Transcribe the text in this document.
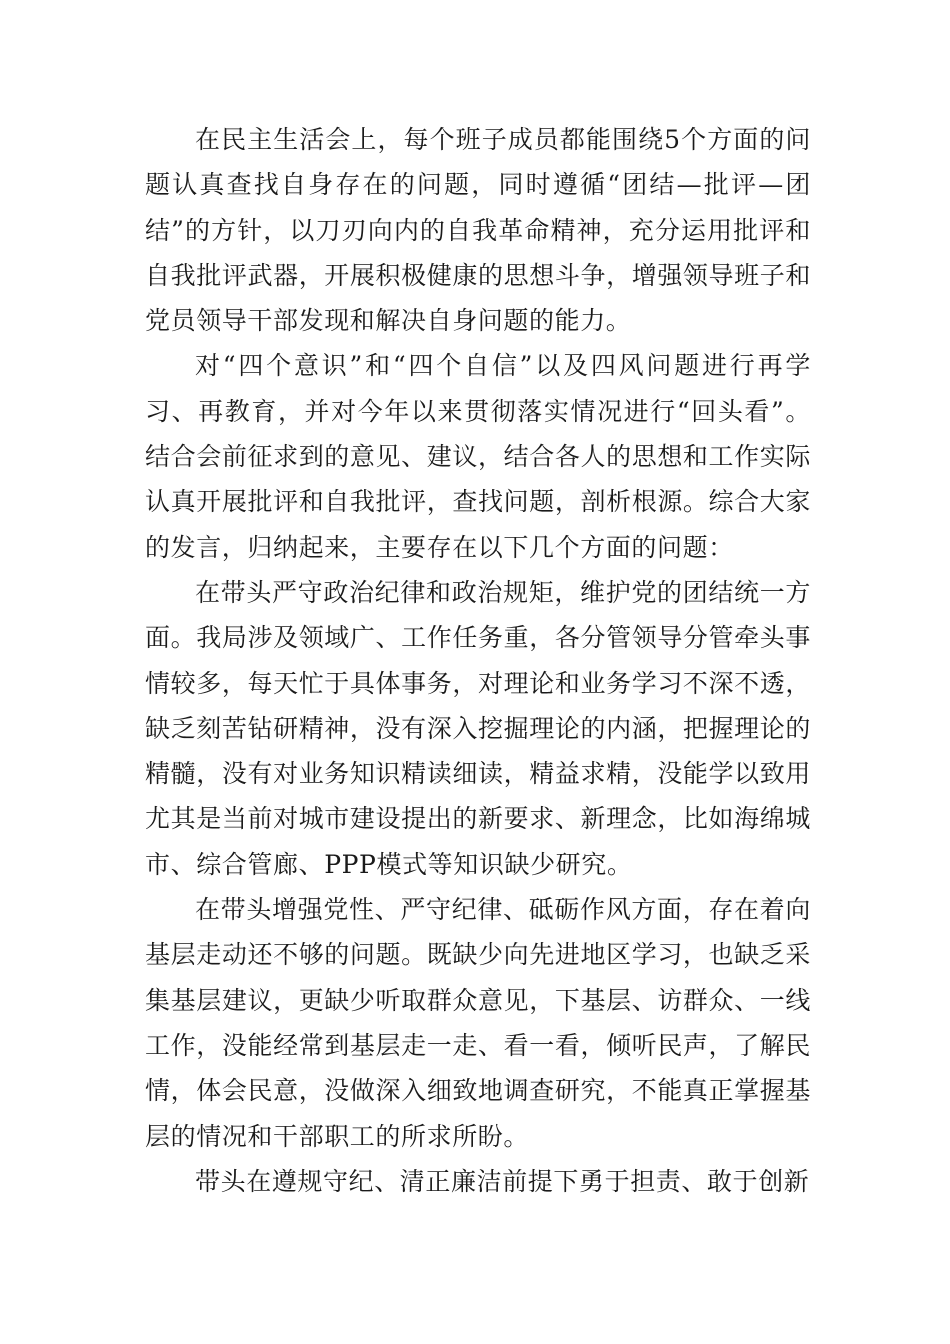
在民主生活会上，每个班子成员都能围绕5个方面的问题认真查找自身存在的问题，同时遵循“团结—批评—团结”的方针，以刀刃向内的自我革命精神，充分运用批评和自我批评武器，开展积极健康的思想斗争，增强领导班子和党员领导干部发现和解决自身问题的能力。

对“四个意识”和“四个自信”以及四风问题进行再学习、再教育，并对今年以来贯彻落实情况进行“回头看”。结合会前征求到的意见、建议，结合各人的思想和工作实际认真开展批评和自我批评，查找问题，剖析根源。综合大家的发言，归纳起来，主要存在以下几个方面的问题：

在带头严守政治纪律和政治规矩，维护党的团结统一方面。我局涉及领域广、工作任务重，各分管领导分管牵头事情较多，每天忙于具体事务，对理论和业务学习不深不透，缺乏刻苦钻研精神，没有深入挖掘理论的内涵，把握理论的精髓，没有对业务知识精读细读，精益求精，没能学以致用尤其是当前对城市建设提出的新要求、新理念，比如海绵城市、综合管廊、PPP模式等知识缺少研究。

在带头增强党性、严守纪律、砥砺作风方面，存在着向基层走动还不够的问题。既缺少向先进地区学习，也缺乏采集基层建议，更缺少听取群众意见，下基层、访群众、一线工作，没能经常到基层走一走、看一看，倾听民声，了解民情，体会民意，没做深入细致地调查研究，不能真正掌握基层的情况和干部职工的所求所盼。

带头在遵规守纪、清正廉洁前提下勇于担责、敢于创新
